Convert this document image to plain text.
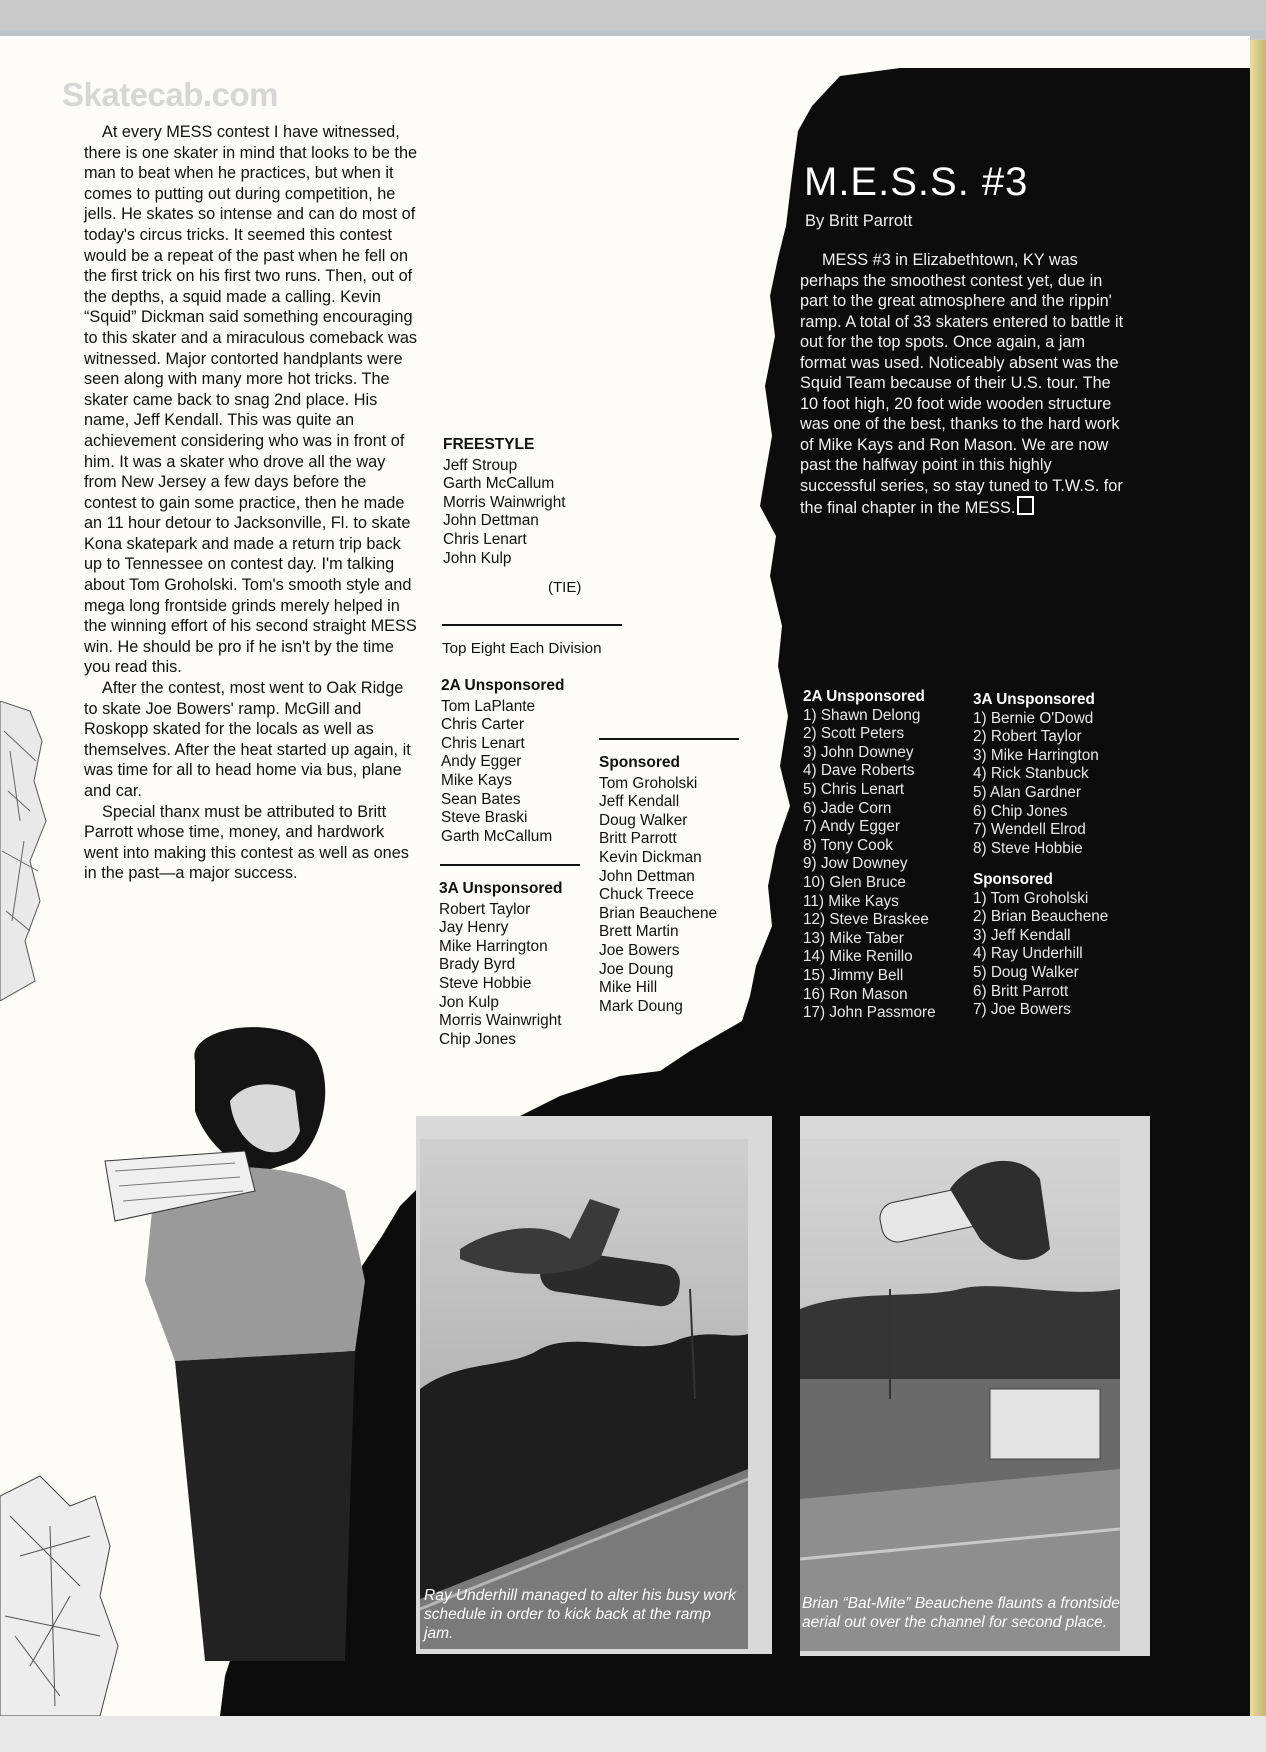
Skatecab.com

At every MESS contest I have witnessed, there is one skater in mind that looks to be the man to beat when he practices, but when it comes to putting out during competition, he jells. He skates so intense and can do most of today's circus tricks. It seemed this contest would be a repeat of the past when he fell on the first trick on his first two runs. Then, out of the depths, a squid made a calling. Kevin “Squid” Dickman said something encouraging to this skater and a miraculous comeback was witnessed. Major contorted handplants were seen along with many more hot tricks. The skater came back to snag 2nd place. His name, Jeff Kendall. This was quite an achievement considering who was in front of him. It was a skater who drove all the way from New Jersey a few days before the contest to gain some practice, then he made an 11 hour detour to Jacksonville, Fl. to skate Kona skatepark and made a return trip back up to Tennessee on contest day. I'm talking about Tom Groholski. Tom's smooth style and mega long frontside grinds merely helped in the winning effort of his second straight MESS win. He should be pro if he isn't by the time you read this.

After the contest, most went to Oak Ridge to skate Joe Bowers' ramp. McGill and Roskopp skated for the locals as well as themselves. After the heat started up again, it was time for all to head home via bus, plane and car.

Special thanx must be attributed to Britt Parrott whose time, money, and hardwork went into making this contest as well as ones in the past—a major success.

M.E.S.S. #3
By Britt Parrott
MESS #3 in Elizabethtown, KY was perhaps the smoothest contest yet, due in part to the great atmosphere and the rippin' ramp. A total of 33 skaters entered to battle it out for the top spots. Once again, a jam format was used. Noticeably absent was the Squid Team because of their U.S. tour. The 10 foot high, 20 foot wide wooden structure was one of the best, thanks to the hard work of Mike Kays and Ron Mason. We are now past the halfway point in this highly successful series, so stay tuned to T.W.S. for the final chapter in the MESS.
FREESTYLE
Jeff Stroup
Garth McCallum
Morris Wainwright
John Dettman
Chris Lenart
John Kulp
(TIE)
Top Eight Each Division
2A Unsponsored
Tom LaPlante
Chris Carter
Chris Lenart
Andy Egger
Mike Kays
Sean Bates
Steve Braski
Garth McCallum
3A Unsponsored
Robert Taylor
Jay Henry
Mike Harrington
Brady Byrd
Steve Hobbie
Jon Kulp
Morris Wainwright
Chip Jones
Sponsored
Tom Groholski
Jeff Kendall
Doug Walker
Britt Parrott
Kevin Dickman
John Dettman
Chuck Treece
Brian Beauchene
Brett Martin
Joe Bowers
Joe Doung
Mike Hill
Mark Doung
2A Unsponsored
1) Shawn Delong
2) Scott Peters
3) John Downey
4) Dave Roberts
5) Chris Lenart
6) Jade Corn
7) Andy Egger
8) Tony Cook
9) Jow Downey
10) Glen Bruce
11) Mike Kays
12) Steve Braskee
13) Mike Taber
14) Mike Renillo
15) Jimmy Bell
16) Ron Mason
17) John Passmore
3A Unsponsored
1) Bernie O'Dowd
2) Robert Taylor
3) Mike Harrington
4) Rick Stanbuck
5) Alan Gardner
6) Chip Jones
7) Wendell Elrod
8) Steve Hobbie
Sponsored
1) Tom Groholski
2) Brian Beauchene
3) Jeff Kendall
4) Ray Underhill
5) Doug Walker
6) Britt Parrott
7) Joe Bowers
Ray Underhill managed to alter his busy work schedule in order to kick back at the ramp jam.
Brian “Bat-Mite” Beauchene flaunts a frontside aerial out over the channel for second place.
